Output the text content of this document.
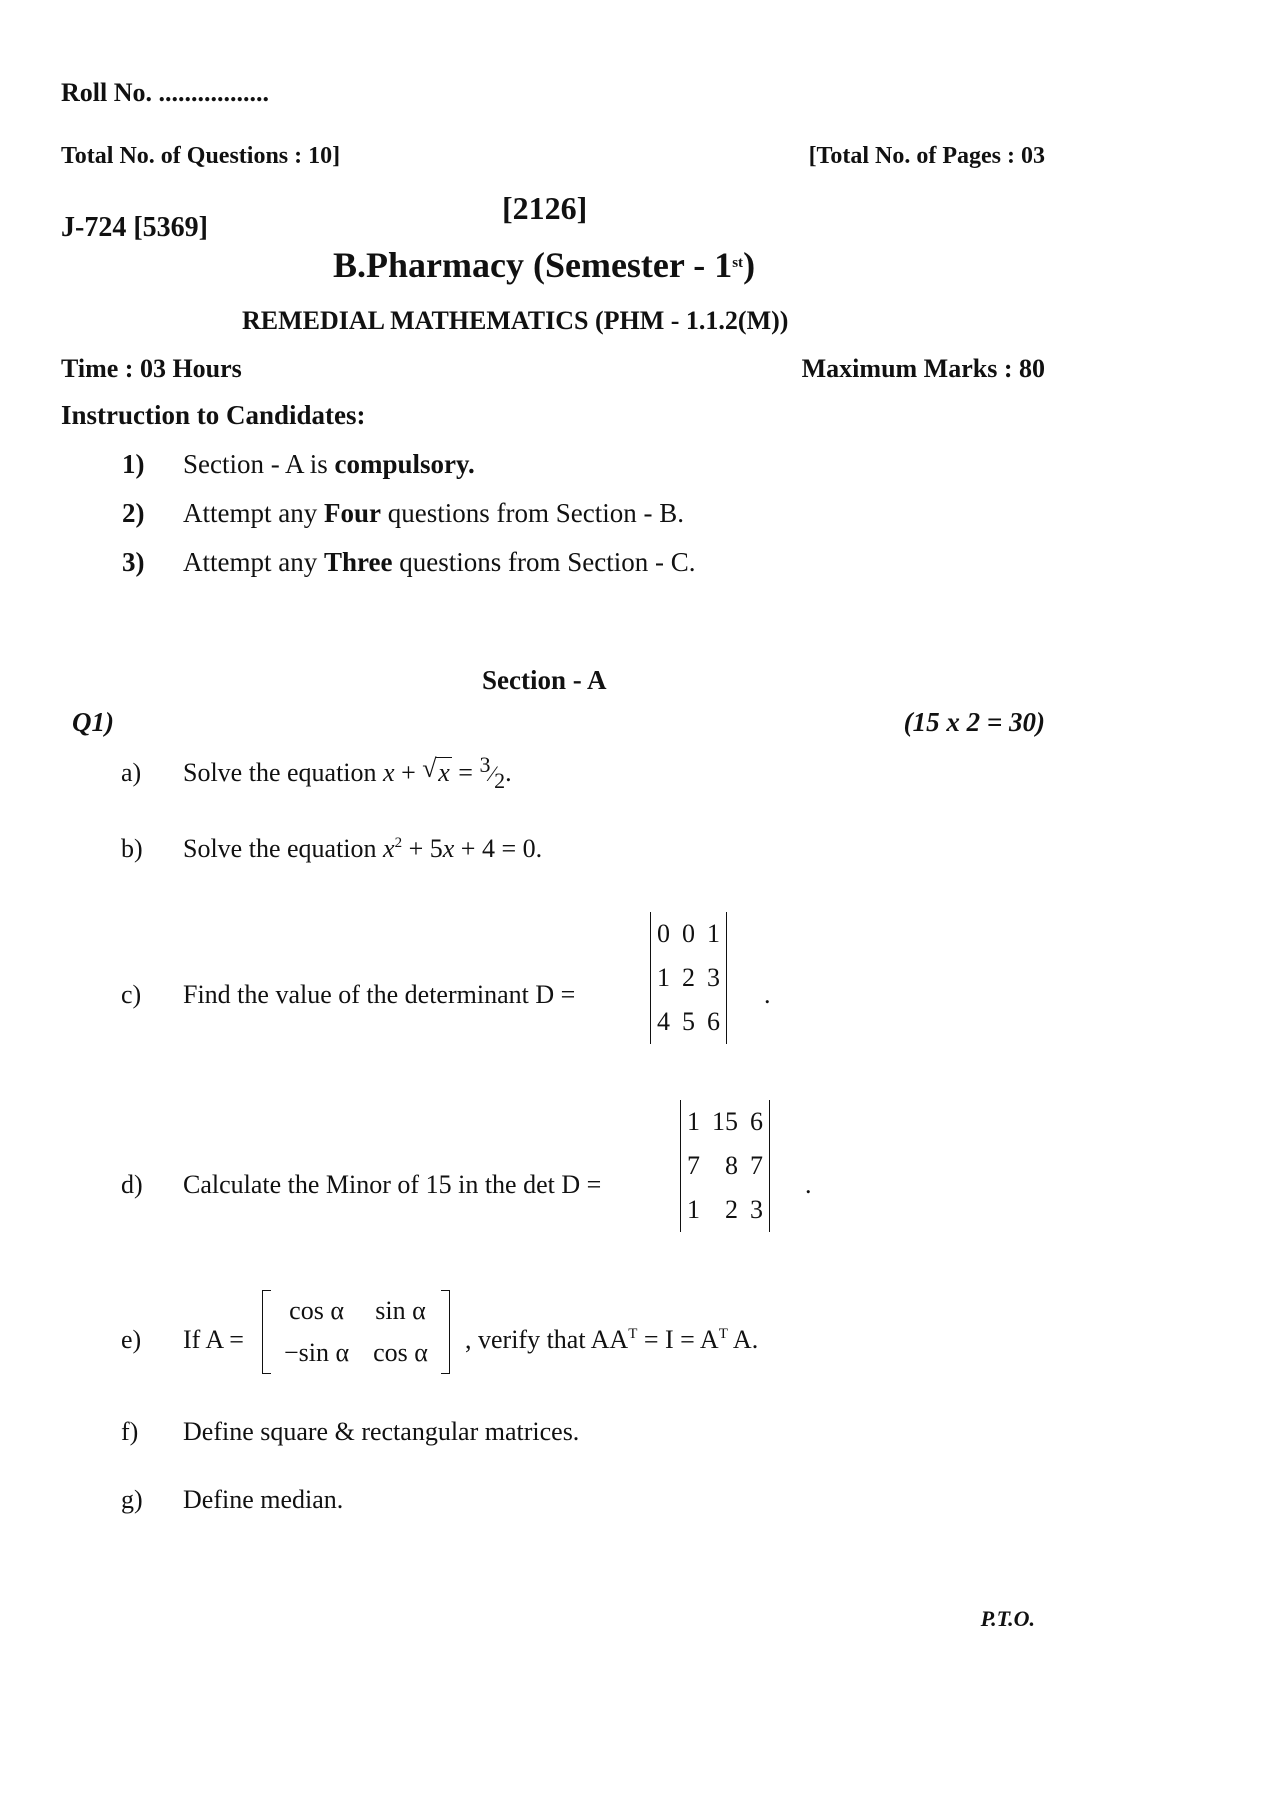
Roll No. .................
Total No. of Questions : 10]	[Total No. of Pages : 03
J-724 [5369]
[2126]
B.Pharmacy (Semester - 1st)
REMEDIAL MATHEMATICS (PHM - 1.1.2(M))
Time : 03 Hours	Maximum Marks : 80
Instruction to Candidates:
1) Section - A is compulsory.
2) Attempt any Four questions from Section - B.
3) Attempt any Three questions from Section - C.
Section - A
Q1)	(15 x 2 = 30)
a) Solve the equation x + √ x = 3⁄2.
b) Solve the equation $x^2 + 5x + 4 = 0$.
c) Find the value of the determinant D =
0	0	1
1	2	3
4	5	6
.
d) Calculate the Minor of 15 in the det D =
1	15	6
7	8	7
1	2	3
.
e) If A =
cos α	sin α
−sin α	cos α , verify that $AA^T = I = A^T$ A.
f) Define square & rectangular matrices.
g) Define median.
P.T.O.
